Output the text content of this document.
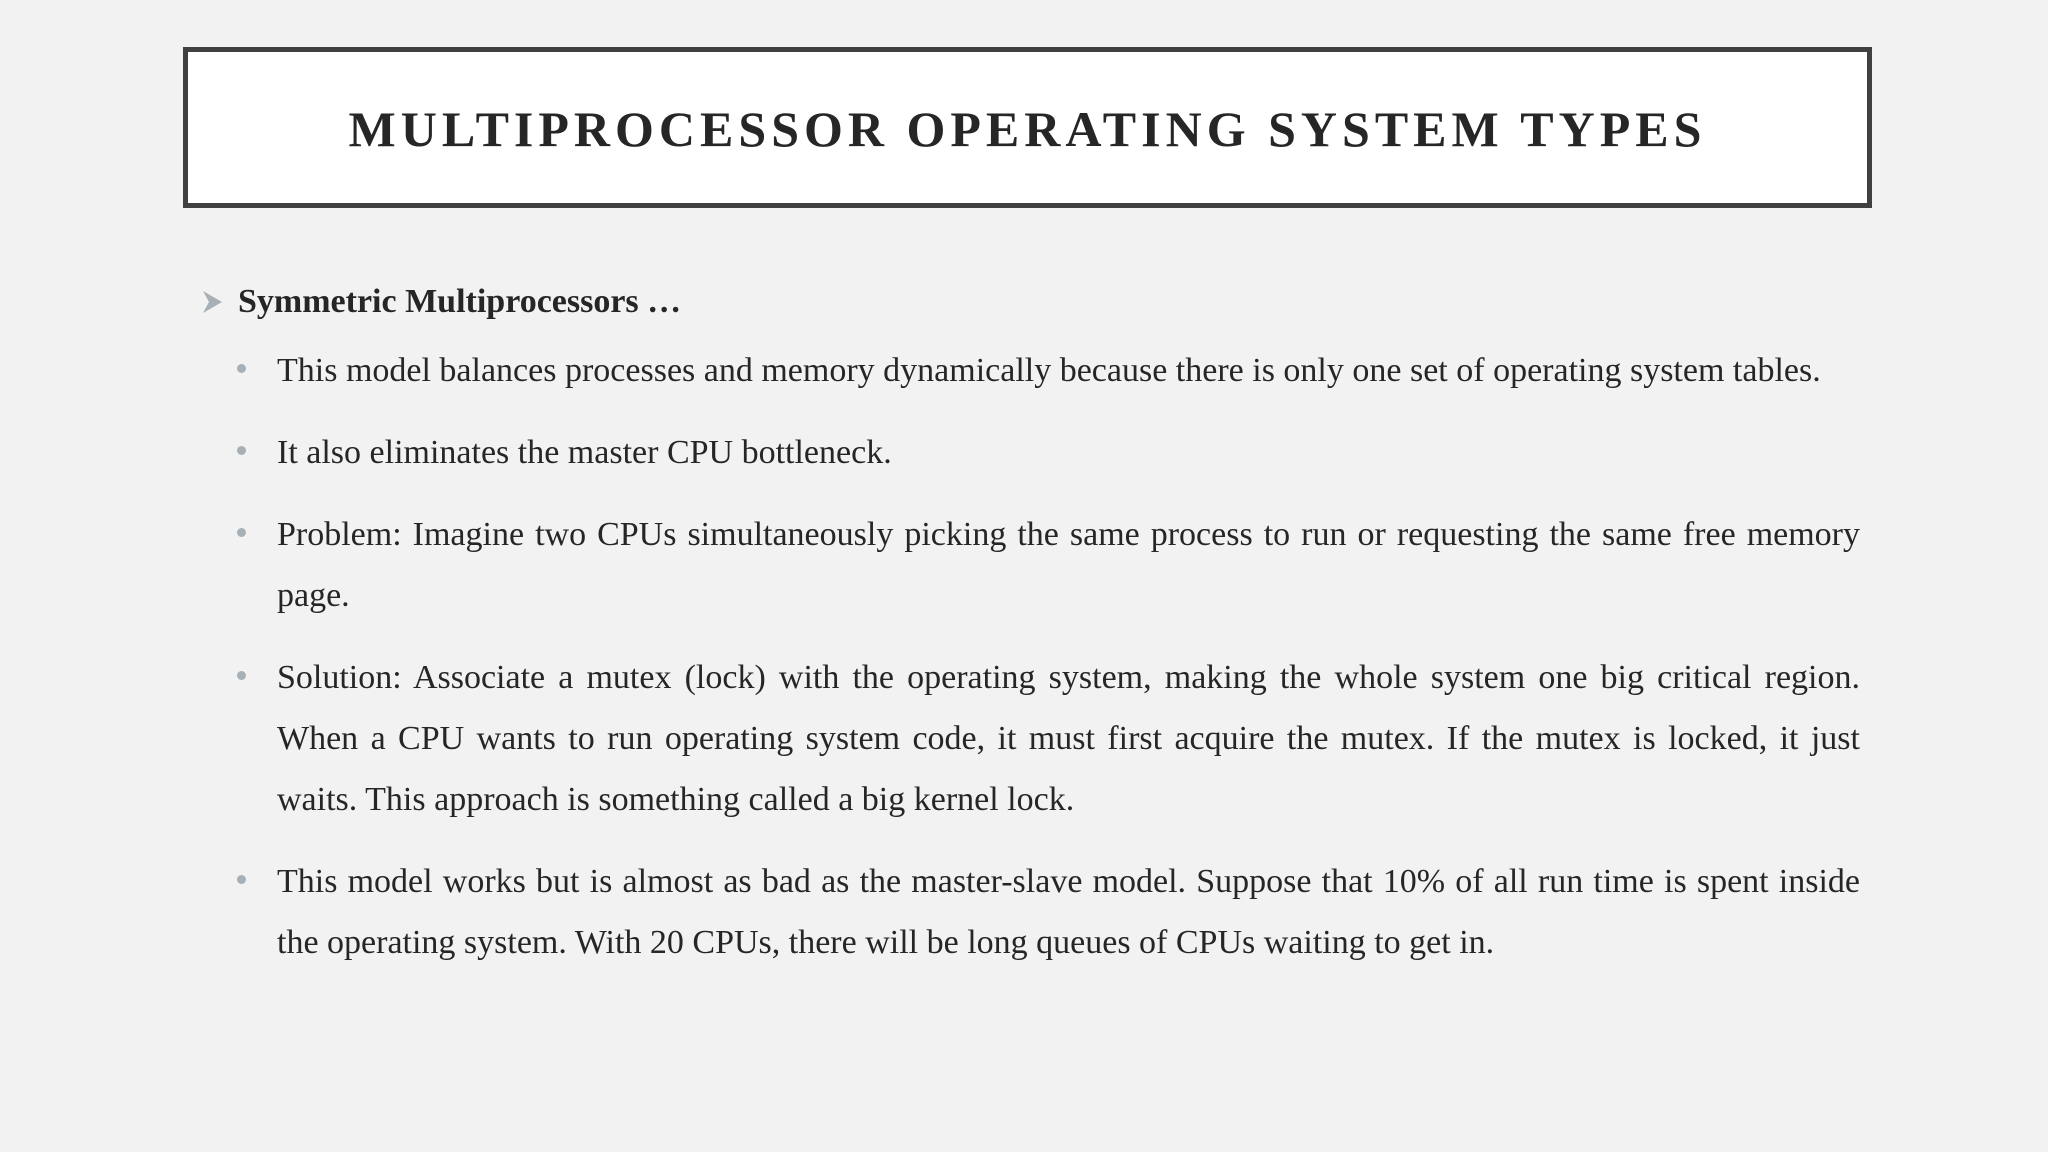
MULTIPROCESSOR OPERATING SYSTEM TYPES
Symmetric Multiprocessors …
This model balances processes and memory dynamically because there is only one set of operating system tables.
It also eliminates the master CPU bottleneck.
Problem: Imagine two CPUs simultaneously picking the same process to run or requesting the same free memory page.
Solution: Associate a mutex (lock) with the operating system, making the whole system one big critical region. When a CPU wants to run operating system code, it must first acquire the mutex. If the mutex is locked, it just waits. This approach is something called a big kernel lock.
This model works but is almost as bad as the master-slave model. Suppose that 10% of all run time is spent inside the operating system. With 20 CPUs, there will be long queues of CPUs waiting to get in.
